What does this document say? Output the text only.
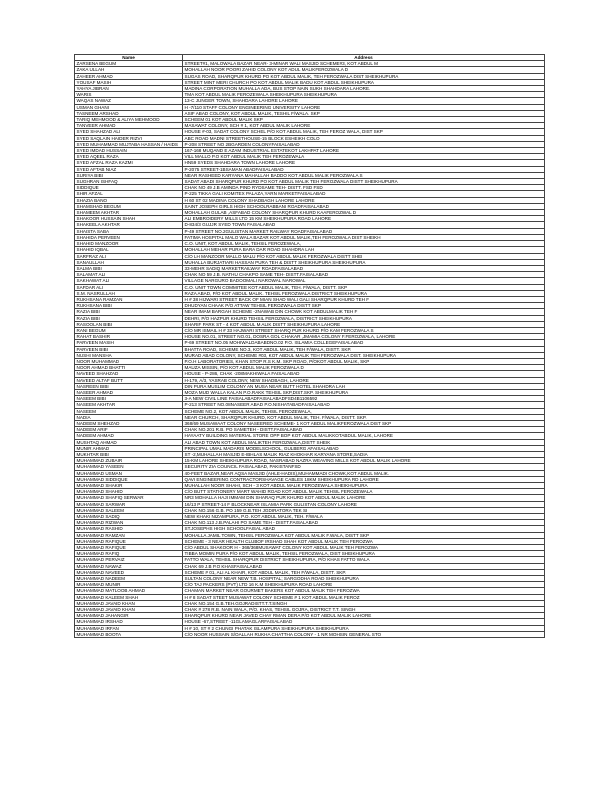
Name	Address
ZARSENA BEGUM	STREET#1, MALOWALA BAZAR NEAR- 3-MINAR WALI MASJID SCHEME#3, KOT ABDUL M
ZAKA ULLAH	MOHALLAH NOOR POORI ZAHID COLONY KOT ADUL MALIKFEROZWALA D
ZAHEER AHMAD	SUGAS ROAD, SHARQPUR KHURD PO KOT ABDUL MALIK, TEH FEROZWALA DIST SHEIKHUPURA
YOUSAF MASIH	STREET MINT MERI CHURCH PO KOT ABDUL MALIK BADU KOT ABDUL SHEIKHUPURA
YAHYA JIBRAN	MADINA CORPORATION MUHALLA ADA, BUS STOP NAIN SUKH SHAHDARA LAHORE.
WARIS	TMA KOT ABDUL MALIK FEROZEWALA SHEIKHUPURA SHEIKHUPURA
WAQAS NAWAZ	13-C JUNGER TOWN, SHAHDARA LAHORE LAHORE
USMAN GHANI	H -7/110 STAFF COLONY ENGINEERING UNIVERSITY LAHORE
TASNEEM ARSHAD	ASIF ABAD COLONY, KOT ABDUL MALIK, TESHIL F/WALA. SKP
TARIQ MEHMOOD & ALIYA MEHMOOD	SCHEEM 01 KOT ABDUL MALIK SKP
TANVEER AHMAD	MASAWAT COLONY, SCH # 1, KOT ABDUL MALIK LAHORE
SYED SHAHZAD ALI	HOUSE #-03, SADAT COLONY SCHEL P/O KOT ABDUL MALIK, TEH FEROZ WALA, DIST SKP
SYED SAQLAIN HAIDER RIZVI	ABC ROAD MADNI STREETHOUSE-15 BLOCK ESHEIKH COLO
SYED MUHAMMAD MUJTABA HASSAN / HAIDS	P-208 STREET NO 2BGARDEN COLONYFAISALABAD
SYED IMDAD HUSSAIN	167-168 MUQAND E AZAM INDUSTRIAL ESTATEKOT LAKHPAT LAHORE
SYED AQEEL RAZA	VILL MALLO P.O KOT ABDUL MALIK TEH FEROZEWALA
SYED AFZAL RAZA KAZMI	HN59 SYEDS SHAHDARA TOWN LAHORE LAHORE
SYED AFTAB NIAZ	P-2075 STREET-1BSAMAN ABADFAISALABAD
SURIYA BIBI	NEAR RASHEED KARYANA MAHALLAH BADDO KOT ABDUL MALIK FEROZWALA S
SUGHRAN ISHFAQ	SADAT ABADI SHARQPUR KHURD PO KOT ABDUL MALIK TEH FEROZWALA DISTT SHEIKHUPURA
SIDDIQUE	CHAK NO 49 J.B AMINDA PIND RYDSAME TEH- DISTT. FSD FSD
SHIR AFZAL	P-225 TIKKA GALI KOMITEX PALAZA,YARN MARKETFAISALABAD
SHAZIA BANO	H 60 ST 02 MADINA COLONY SHADBAGH LAHORE LAHORE
SHAMSHAD BEGUM	SAINT JOSEPH GIRLS HIGH SCHOOLRABBANI ROADFAISALABAD
SHAMEEM AKHTAR	MOHALLAH GULAB ,ASFABAD COLONY SHARQPUR KHURD KAAFEROZWAL D
SHAKOOR HUSSAIN SHAH	ALI EMBROIDERY MILLS LTD 15 KM SHEIKHUPURA ROAD LAHORE
SHAKEELA AKHTAR	D-834/3 GUJJR SYED TOWN FAISALABAD
SHAISTA SABA	P-49 STREET NO.2GULISTAN MARKET RAILWAY ROADFAISALABAD
SHAHIDA PERVEEN	FATIMA HOSPITAL MALO WALA BAZAR KOT ABDUL MALIK,TEH FEROZWALA DIST SHEIKH
SHAHID MANZOOR	C.O. UNIT, KOT ABDUL MALIK, TEHSIL FEROZEWALA,
SHAHID IQBAL	MOHALLAH MEHAR PURA BARA DAR ROAD SHAHDRA LAH
SARFRAZ ALI	C/O LH MANZOOR MALLO MALU P/O KOT ABDUL MALIK FEROZWALA DISTT SHEI
SANAULLAH	MUHALLA BURJATIARI HASSAN PURA TEH & DISTT SHEIKHUPURA SHEIKHUPURA
SALMA BIBI	33-MEHR SADIQ MARKETRAILWAY ROADFAISALABAD
SALAMAT ALI	CHAK NO 59 J.B. NATHU CHAKPO SAME TEH- DISTT.FAISALABAD
SAKHAWAT ALI	VILLAGE NARGURO BADOOMALI NAROWAL NAROWAL
SAFDAR ALI	C.O. UNIT TOWN COMMITEE KOT ABDUL MALIK, TEH. F/WALA, DISTT. SKP
S.M. NASRULLAH	RAZA ABAD, P/O KOT ABDUL MALIK. TEHSIL FEROZWALA DISTRICT SHEIKHUPURA
RUKHSANA RAMZAN	H # 38 HIJWARI STREET BACK OF MIAN SHAD WALI GALI SHARQPUR KHURD TEH F
RUKHSANA BIBI	DHUDYAN CHAAK P/O ATTAW TEHSIL FEROZWALA DISTT SKP
RAZIA BIBI	NEAR IMAM BARGAH SCHEME -2NAWAB DIN CHOWK KOT ABDULMALIK TEH F
RAZIA BIBI	DEHRI, P/O HAZPUR KHURD TEHSIL FEROZWALA, DISTRICT SHEIKHUPURA
RASOOLAN BIBI	SHARIF PARK ST - 4 KOT ABDUL M ALIK DISTT SHEIKHUPURA LAHORE
RANI BEGUM	C/O MR ISMAIL H # 33 HAJWARI STREET SHARQ PUR KHURD P/O KAM FEROZWALA S
RAHAT BASHIR	HOUSE NO.01, STREET NO.01, DOSRA GOL CHAKAR ,JMAMIA COLONY F.FEROZWALA, LAHORE
PARVEEN MASIH	P-69 STREET NO.05 MOHIWALDABABDNO.02 P.O. ISLAMIA COLLEGEFAISALABAD
PARVEEN BIBI	BHATTA ROAD, SCHEME NO.3, KOT ABDUL MALIK, TEH F/WALA, DISTT. SKP.
NUSHI MANSHA	MURAD ABAD COLONY, SCHEME #03, KOT ABDUL MALIK TEH FEROZWALA DIST. SHEIKHUPURA
NOOR MUHAMMAD	P.O.H LABORATORIES, KHAN STOP R.S K.M. SKP ROAD, P/OKOT ABDUL MALIK, SKP
NOOR AHMAD BHATTI	MAUZA MISSIN, P/O KOT ABDUL MALIK FEROZWALA D
NAVEED SHAHZAD	HOUSE - P-286, CHAK -208MAKHIWALA FAISALABAD
NAVEED ALTAF BUTT	H-179, A/3, YASRAB COLONY, NEW SHADBAGH, LAHORE
NASREEN BIBI	DIN PURA MUSLIM COLONY AN MUSA NEAR BUTT HOTEL SHAHDRA LAH
NASEER AHMAD	MOZA MUD WALLA KALAN P.O.RAKK TEHSIL SKP,DIST.SKP. SHEIKHUPURA
NASEEM BIBI	3-A NEW CIVIL LINE FAISALABADFAISALABADFSD4B1106592
NASEEM AKHTAR	P-213 STREET NO.08NASEER ABAD P.O.NISHATABADFAISALABAD
NASEEM	SCHEME NO.2, KOT ABDUL MALIK, TEHSIL FEROZEWALA,
NADIA	NEAR CHURCH, SHARQPUR KHURD, KOT ABDUL MALIK, TEH. F/WALA, DISTT. SKP.
NADEEM SHEHZAD	368/69 MUSAWAAT COLONY NASEERED SCHEME- 1 KOT ABDUL MALIKFEROZWALA DIST SKP
NADEEM ARIF	CHAK NO.201 R.B. PO SAMETEH - DISTT.FAISALABAD
NADEEM AHMAD	HAYAATY BUILDING MATERIAL STORE OPP BOP KOT ABDUL MALIKKOTABDUL MALIK, LAHORE
MUSHTAQ AHMAD	ALI ABAD TOWN KOT ABDUL MALIKTEH FEROZWALA,DISTT SHEIK
MUNIR AHMAD	PRINCIPAL UMAL MADARIS MODELSCHOOL, GULBERG AFAISALABAD
MUKHTAR BIBI	ST -2,MUHALLAH MASJID E-IBHLAS MALIK RIAZ KHOKHAR KARYANA STORE,SADIA
MUHAMMAD ZUBAIR	15-KM LAHORE SHEIKHUPURA ROAD, NASRABAD NAZRA WEAVING MILLS KOT ABDUL MALIK LAHORE
MUHAMMAD YASEEN	SECURITY ZIA COUNCIL FAISALABAD, PAKISTANFSD
MUHAMMAD USMAN	40-FEET BAZAR,NEAR AQSA MASJID (AHLE-HADIS),MUHAMMADI CHOWK,KOT ABDUL MALIK.
MUHAMMAD SIDDIQUE	QAVI ENGINEERING CONTRACTORSHAVAGE CABLES 18KM SHEIKHUPURA RD LAHORE
MUHAMMAD SHAKIR	MUHALLAH NOOR SHAHI, SCH - 3 KOT ABDUL MALIK FEROZEWALA SHEIKHUPURA
MUHAMMAD SHAHID	C/O BUTT STATIONERY MART WAHID ROAD KOT ABDUL MALIK TEHSIL FEROZEWALA
MUHAMMAD SHAFIQ SERWAR	NR3 MOHALLA HAJI IMMAM DIN SHARAQ PUR KHURD KOT ABDUL MALIK LAHORE
MUHAMMAD SARWAR	16/13 P STREET-14 F BLOCKNEAR ISLAMIA PARK GULISTAN COLONY LAHORE
MUHAMMAD SALEEM	CHAK NO.156 G.B. PO 159 G.B.TEH JGDIRATORA TEK SI
MUHAMMAD SADIQ	NEW KHAKI NIZAMPURA, P.O. KOT ABDUL MALIK, TEH. F/WALA
MUHAMMAD RIZWAN	CHAK NO.113 J.B.PALAHI PO SAME TEH - DISTT.FAISALABAD
MUHAMMAD RASHID	ST.JOSEPHS HIGH SCHOOLFAISAL ABAD
MUHAMMAD RAMZAN	MOHALLA JAMIL TOWN, TEHSIL FEROZWALA KOT ABDUL MALIK F.WALA, DISTT SKP
MUHAMMAD RAFIQUE	SCHEME - 3 NEAR HEALTH CLUBOF IRSHAD SHAH KOT ABDUL MALIK TEH FEROZWA
MUHAMMAD RAFIQUE	C/O ABDUL SHAKOOR H - 368/368MUSAWAT COLONY KOT ABDUL MALIK TEH FEROZWA
MUHAMMAD RAFIQ	TIBBA MOMIN PURA P/O KOT ABDUL MALIK, TEHSIL FEROZWALA, DIST SHEIKHUPURA
MUHAMMAD PERVAIZ	FATTO WALA, TEHSIL SHARQPUR DISTRICT SHEIKHUPURA, P/O KHAS FATTO WALA
MUHAMMAD NAWAZ	CHAK 69 J.B P.O KHASFAISALABAD
MUHAMMAD NAVEED	SCHEME # 01, ALI AL KHAIR, KOT ABDUL MALIK, TEH F/WALA, DISTT. SKP.
MUHAMMAD NADEEM	SULTAN COLONY NEAR NEW T.B. HOSPITAL; SARGODHA ROAD SHEIKHUPURA
MUHAMMAD MUNIR	C/O TAJ PACKERS (PVT) LTD 16 K.M SHEIKHUPURA ROAD LAHORE
MUHAMMAD MATLOOB AHMAD	CHAMAN MARKET NEAR GOURMET BAKERS KOT ABDUL MALIK TEH FEROZWA
MUHAMMAD KALEEM SHAH	H # 8 SADAT STEET MUSAWAT COLONY SCHEME # 1 KOT ABDUL MALIK FEROZ
MUHAMMAD JAVAID KHAN	CHAK NO.154 G.B.TEH.GOJRADISTT.T.T.SINGH
MUHAMMAD JAVAID KHAN	CHAK # 278 R.B. NAIN WALA, P/O. KHAS, TEHSIL GOJRA, DISTRICT T.T. SINGH
MUHAMMAD JAHANGIR	SHARQPUR KHURD NEAR JAVED CHAY RMAN DERA P/O KOT ABDUL MALIK LAHORE
MUHAMMAD IRSHAD	HOUSE -67,STREET -11GLAMAGLARFAISALABAD
MUHAMMAD IRFAN	H # 10, ST # 2 CHUNGI PHATAK ISLAMPURA SHEIKHUPURA SHEIKHUPURA
MUHAMMAD BOOTA	C/O NOOR HUSSAIN S/OALLAH RUKHA CHATTHA COLONY - 1 NR MOHSIN GENERAL STO
